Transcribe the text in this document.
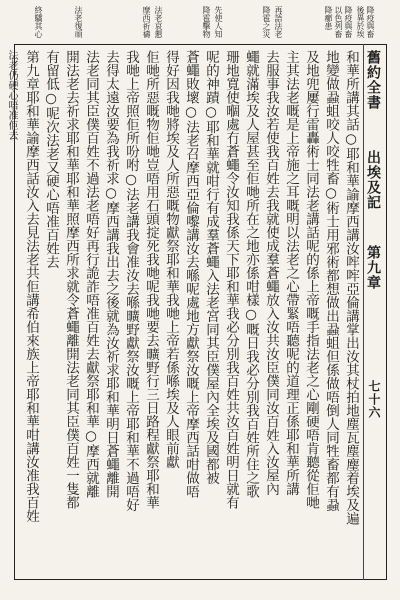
降疫與畜
後異於埃
降疫與畜
以色列畜
降癤患
再語法老
降雹之災
先使人知
降雹擊物
法老哀懇
摩西祈禱
法老復頑
終驕其心
舊約全書
出埃及記
第九章
七十六
和華所講其話○耶和華諭摩西講汝哰哰亞倫講掌出汝其杖拍地塵瓦塵麈着埃及遍
地變做蝨蛆咬人咬牲畜○術士用邪術都想做出蝨蛆但係做唔倒人同牲畜都有蝨
及地兜屢行雷轟術士同法老講話呢的係上帝嘅手指法老之心剛硬唔肯聽從佢哋
主其法老嘅是上帝施之耳嘅明以法老之心帶緊唔聽呢的道理正係耶和華所講
去服事我汝若使我百姓去我就使成羣蒼蠅放入汝共汝臣僕同汝百姓入汝屋內
蠅就滿埃及人屋甚至佢哋所在之地亦係咁樣○嘅日我必分別我百姓所住之歌
珊地寬使嗰處冇蒼蠅令汝知我係天下耶和華我必分別我百姓共汝百姓明日就有
呢的神蹟○耶和華就咁行有成羣蒼蠅入法老宮同其臣僕屋內全埃及國都被
蒼蠅敗壞○法老召摩西亞倫嚟講汝去喺呢處地方獻祭汝嘅上帝摩西話咁做唔
得好因我哋將埃及人所惡嘅物獻祭耶和華我哋上帝若係喺埃及人眼前獻
佢哋所惡嘅物佢哋豈唔用石頭掟死我哋呢我哋要去曠野行三日路程獻祭耶和華
我哋上帝照佢所吩咐○法老講我會准汝去喺曠野獻祭汝嘅上帝耶和華不過唔好
去得太遠汝要為我祈求○摩西講我出去之後就為汝祈求耶和華明日蒼蠅離開
法老同其臣僕百姓不過法老唔好再行詭詐唔准百姓去獻祭耶和華○摩西就離
開法老去祈求耶和華耶和華照摩西所求就令蒼蠅離開法老同其臣僕百姓一隻都
有留低○呢次法老又硬心唔准百姓去
第九章耶和華諭摩西話汝入去見法老共佢講希伯來族上帝耶和華咁講汝准我百姓
法老仍硬心唔准佢去
